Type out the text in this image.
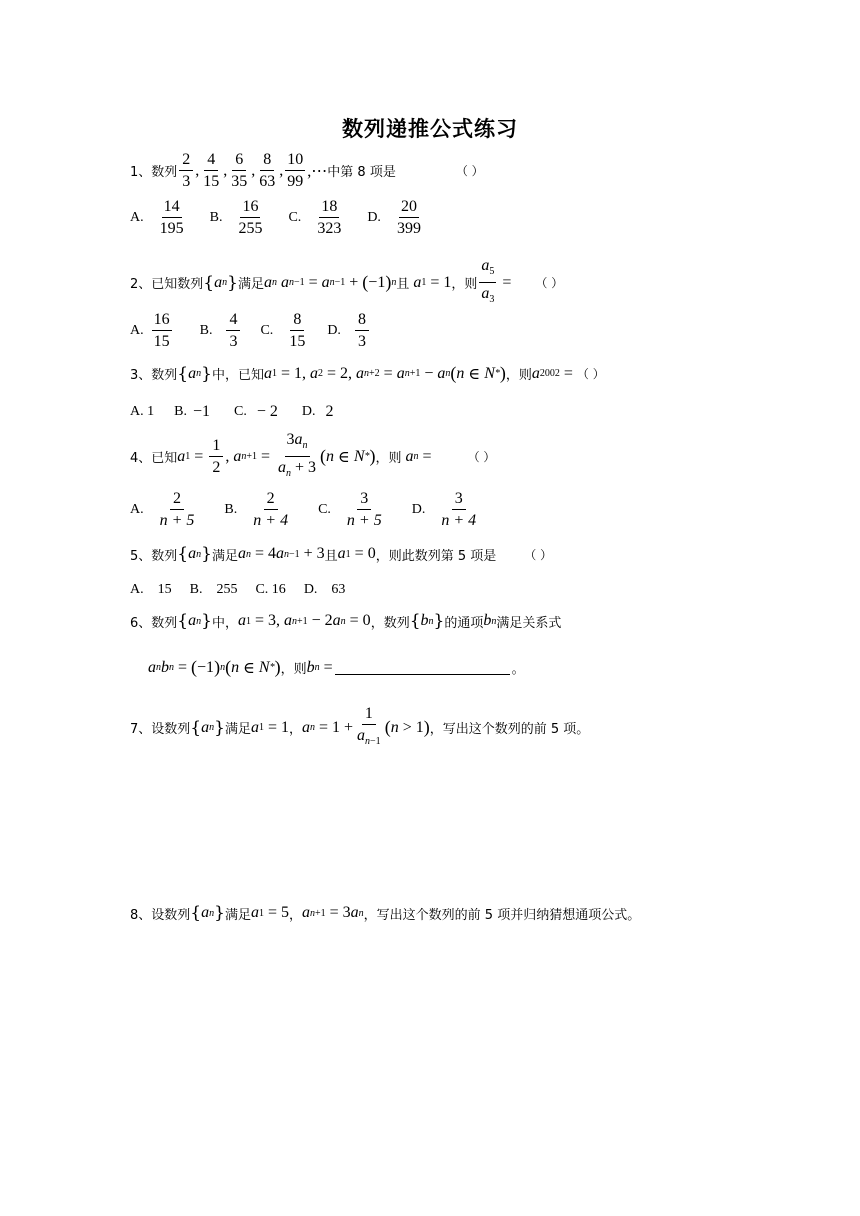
数列递推公式练习
1、数列 $\frac{2}{3}$ , $\frac{4}{15}$ , $\frac{6}{35}$ , $\frac{8}{63}$ , $\frac{10}{99}$ ,⋯ 中第 8 项是	（ ）
A. $\frac{14}{195} B$. $\frac{16}{255} C$. $\frac{18}{323} D$. $\frac{20}{399}$
2、已知数列 { a n } 满足 a n a n −1 = a n −1 + ( −1 ) n 且 a 1 = 1 ，则 $\frac{a_5}{a_3}$ = （ ）
A. $\frac{16}{15} B$. $\frac{4}{3} C$. $\frac{8}{15} D$. $\frac{8}{3}$
3、数列 { a n } 中，已知 a 1 = 1, a 2 = 2, a n +2 = a n +1 − a n ( n ∈ N * ) ，则 a 2002 = （ ）
A. 1 B. −1 C. − 2 D. 2
4、已知 a $1 = \frac{1}{2}$ , a $n +1 = \frac{3a_n}{a_n + 3}$ ( n ∈ N * ) ，则 a n =	（ ）
A. $\frac{2}{n + 5} B$. $\frac{2}{n + 4} C$. $\frac{3}{n + 5} D$. $\frac{3}{n + 4}$
5、数列 { a n } 满足 a n = 4 a n −1 + 3 且 a 1 = 0 ，则此数列第 5 项是 （ ）
A.    15 B.    255 C. 16 D.    63
6、数列 { a n } 中， a 1 = 3, a n +1 − 2 a n = 0 ，数列 { b n } 的通项 b n 满足关系式
a n b n = ( −1 ) n ( n ∈ N * ) ，则 b n =	。
7、设数列 { a n } 满足 a 1 = 1 ， a $n = 1 + \frac{1}{a_{n-1}}$ ( n > 1 ) ，写出这个数列的前 5 项。
8、设数列 { a n } 满足 a 1 = 5 ， a n +1 = 3 a n ，写出这个数列的前 5 项并归纳猜想通项公式。
